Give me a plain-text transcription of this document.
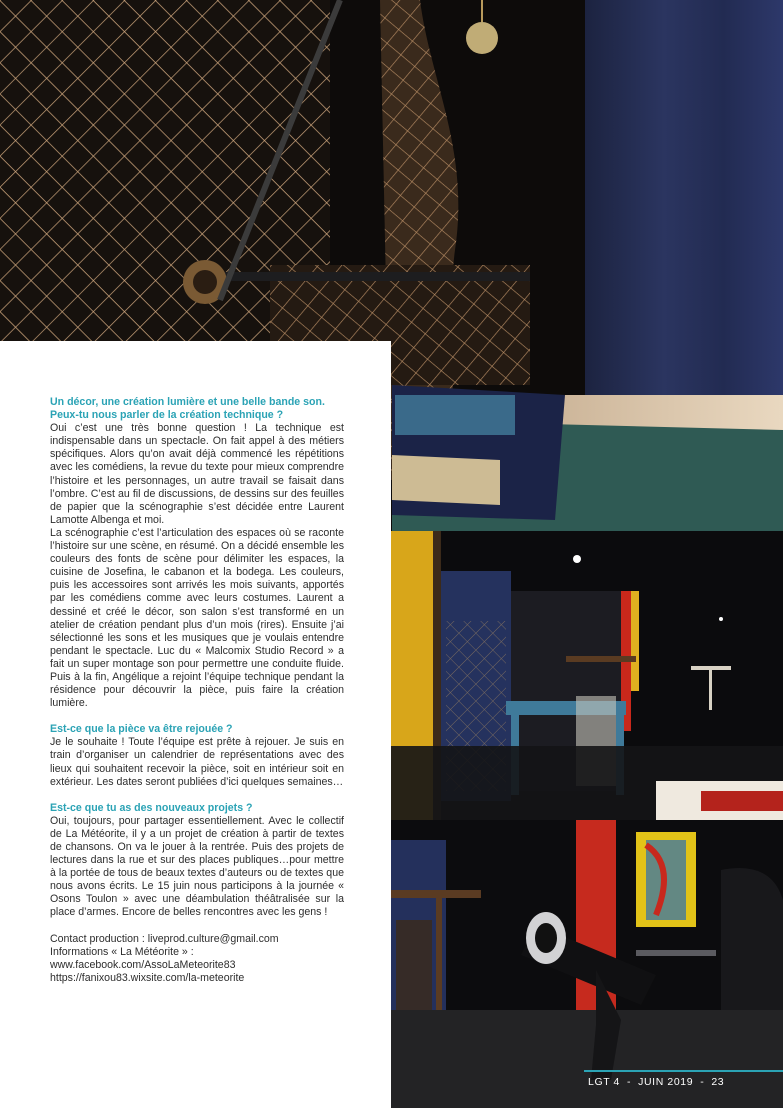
Un décor, une création lumière et une belle bande son. Peux-tu nous parler de la création technique ?

Oui c’est une très bonne question ! La technique est indispensable dans un spectacle. On fait appel à des métiers spécifiques. Alors qu’on avait déjà commencé les répétitions avec les comédiens, la revue du texte pour mieux comprendre l’histoire et les personnages, un autre travail se faisait dans l’ombre. C’est au fil de discussions, de dessins sur des feuilles de papier que la scénographie s’est décidée entre Laurent Lamotte Albenga et moi.

La scénographie c’est l’articulation des espaces où se raconte l’histoire sur une scène, en résumé. On a décidé ensemble les couleurs des fonts de scène pour délimiter les espaces, la cuisine de Josefina, le cabanon et la bodega. Les couleurs, puis les accessoires sont arrivés les mois suivants, apportés par les comédiens comme avec leurs costumes. Laurent a dessiné et créé le décor, son salon s’est transformé en un atelier de création pendant plus d’un mois (rires). Ensuite j’ai sélectionné les sons et les musiques que je voulais entendre pendant le spectacle. Luc du « Malcomix Studio Record » a fait un super montage son pour permettre une conduite fluide. Puis à la fin, Angélique a rejoint l’équipe technique pendant la résidence pour découvrir la pièce, puis faire la création lumière.

Est-ce que la pièce va être rejouée ?

Je le souhaite ! Toute l’équipe est prête à rejouer. Je suis en train d’organiser un calendrier de représentations avec des lieux qui souhaitent recevoir la pièce, soit en intérieur soit en extérieur. Les dates seront publiées d’ici quelques semaines…

Est-ce que tu as des nouveaux projets ?

Oui, toujours, pour partager essentiellement. Avec le collectif de La Météorite, il y a un projet de création à partir de textes de chansons. On va le jouer à la rentrée. Puis des projets de lectures dans la rue et sur des places publiques…pour mettre à la portée de tous de beaux textes d’auteurs ou de textes que nous avons écrits. Le 15 juin nous participons à la journée « Osons Toulon » avec une déambulation théâtralisée sur la place d’armes. Encore de belles rencontres avec les gens !

Contact production : liveprod.culture@gmail.com

Informations « La Météorite » :

www.facebook.com/AssoLaMeteorite83

https://fanixou83.wixsite.com/la-meteorite

LGT 4  -  JUIN 2019  -  23
